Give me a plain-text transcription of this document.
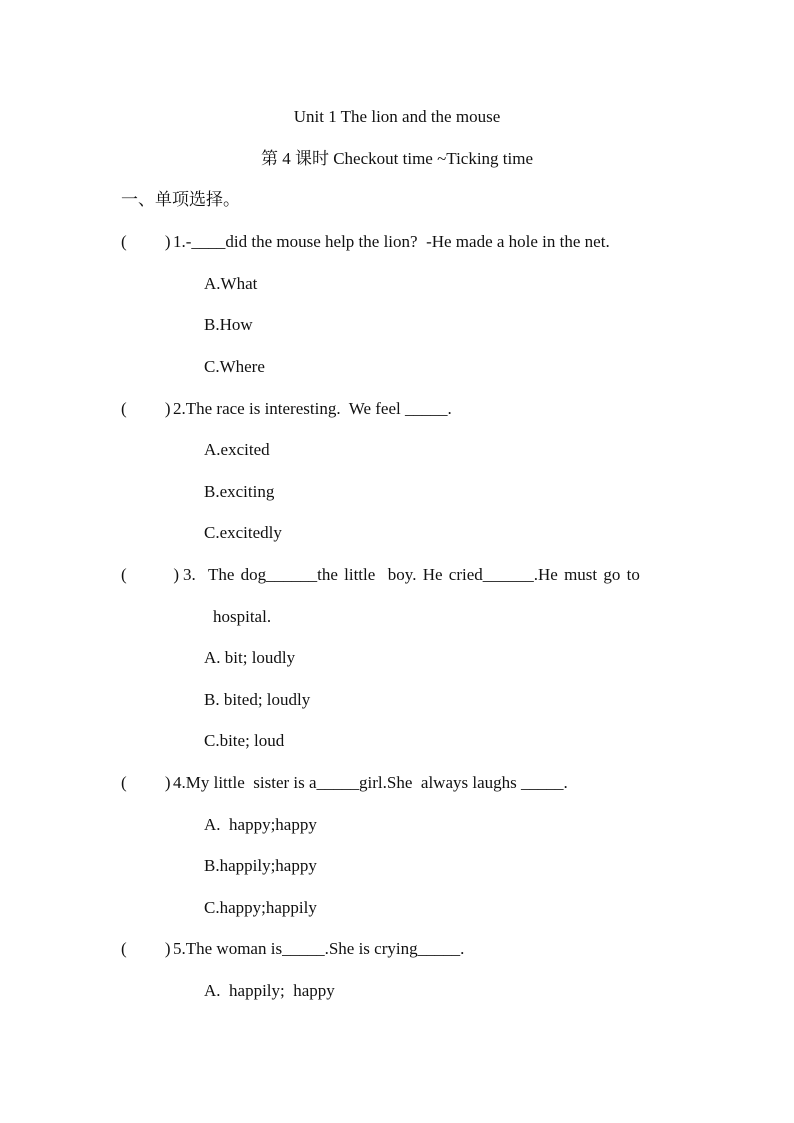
Unit 1 The lion and the mouse
第 4 课时 Checkout time ~Ticking time
一、单项选择。
(         ) 1.-____did the mouse help the lion?  -He made a hole in the net.
A.What
B.How
C.Where
(         ) 2.The race is interesting.  We feel _____.
A.excited
B.exciting
C.excitedly
(           ) 3.  The dog______the little  boy. He cried______.He must go to
hospital.
A. bit; loudly
B. bited; loudly
C.bite; loud
(         ) 4.My little  sister is a_____girl.She  always laughs _____.
A.  happy;happy
B.happily;happy
C.happy;happily
(         ) 5.The woman is_____.She is crying_____.
A.  happily;  happy
